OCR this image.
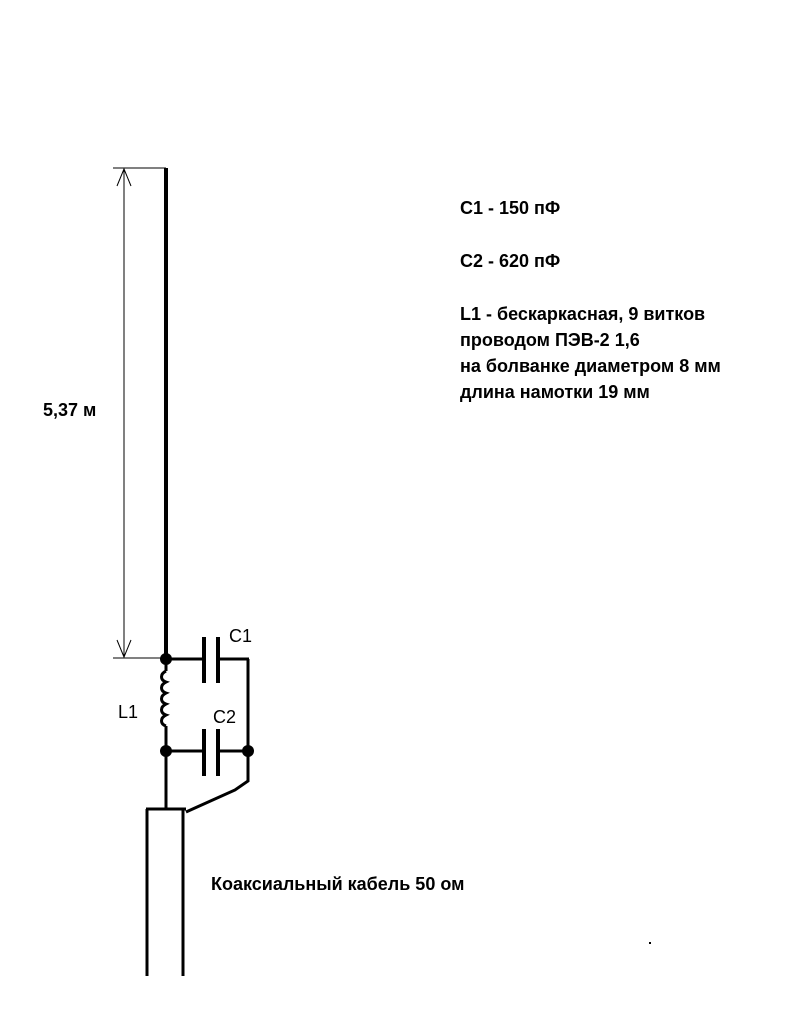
5,37 м
C1
C2
L1
C1 - 150 пФ
C2 - 620 пФ
L1 - бескаркасная, 9 витков
проводом ПЭВ-2 1,6
на болванке диаметром 8 мм
длина намотки 19 мм
Коаксиальный кабель 50 ом
